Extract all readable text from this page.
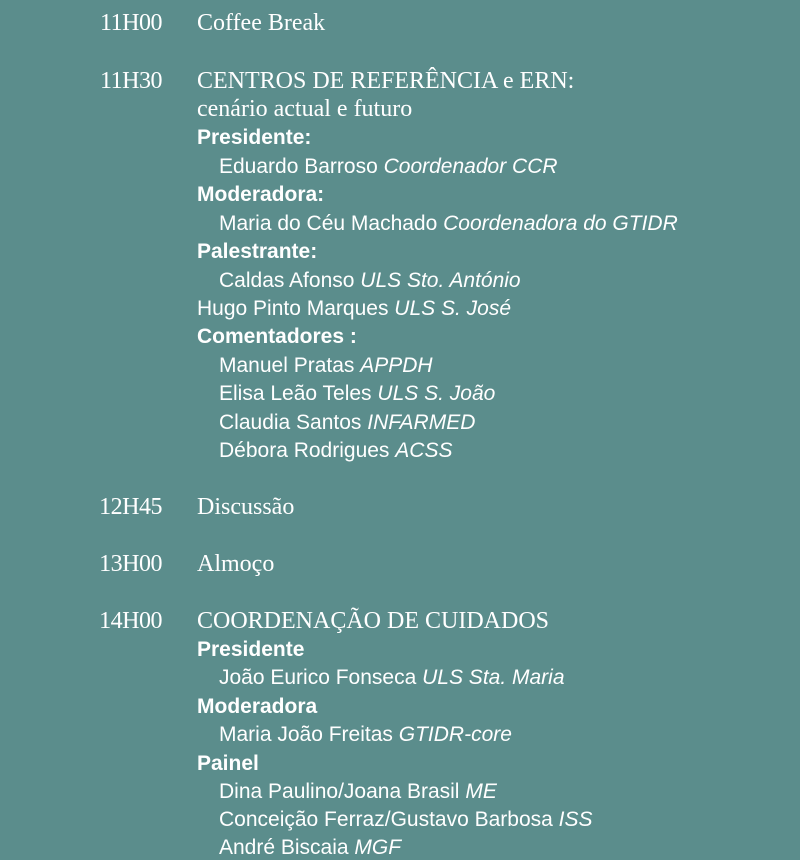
11H00 Coffee Break
11H30 CENTROS DE REFERÊNCIA e ERN:
cenário actual e futuro
Presidente:
Eduardo Barroso Coordenador CCR
Moderadora:
Maria do Céu Machado Coordenadora do GTIDR
Palestrante:
Caldas Afonso ULS Sto. António
Hugo Pinto Marques ULS S. José
Comentadores :
Manuel Pratas APPDH
Elisa Leão Teles ULS S. João
Claudia Santos INFARMED
Débora Rodrigues ACSS
12H45 Discussão
13H00 Almoço
14H00 COORDENAÇÃO DE CUIDADOS
Presidente
João Eurico Fonseca ULS Sta. Maria
Moderadora
Maria João Freitas GTIDR-core
Painel
Dina Paulino/Joana Brasil ME
Conceição Ferraz/Gustavo Barbosa ISS
André Biscaia MGF
